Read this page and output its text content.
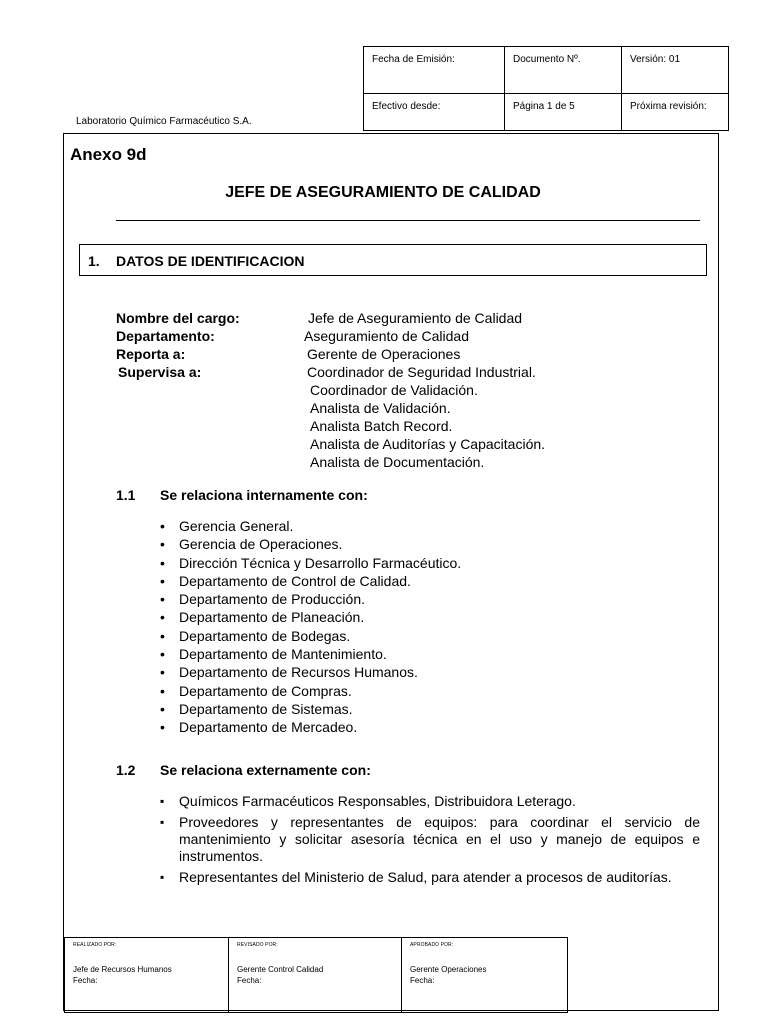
Laboratorio Químico Farmacéutico S.A.
Fecha de Emisión:	Documento Nº.	Versión: 01
Efectivo desde:	Página 1 de 5	Próxima revisión:
Anexo 9d
JEFE DE ASEGURAMIENTO DE CALIDAD
1. DATOS DE IDENTIFICACION
Nombre del cargo:	Jefe de Aseguramiento de Calidad
Departamento:	Aseguramiento de Calidad
Reporta a:	Gerente de Operaciones
Supervisa a:	Coordinador de Seguridad Industrial.
Coordinador de Validación.
Analista de Validación.
Analista Batch Record.
Analista de Auditorías y Capacitación.
Analista de Documentación.
1.1 Se relaciona internamente con:
• Gerencia General.
• Gerencia de Operaciones.
• Dirección Técnica y Desarrollo Farmacéutico.
• Departamento de Control de Calidad.
• Departamento de Producción.
• Departamento de Planeación.
• Departamento de Bodegas.
• Departamento de Mantenimiento.
• Departamento de Recursos Humanos.
• Departamento de Compras.
• Departamento de Sistemas.
• Departamento de Mercadeo.
1.2 Se relaciona externamente con:
▪ Químicos Farmacéuticos Responsables, Distribuidora Leterago.
▪ Proveedores y representantes de equipos: para coordinar el servicio de mantenimiento y solicitar asesoría técnica en el uso y manejo de equipos e instrumentos.
▪ Representantes del Ministerio de Salud, para atender a procesos de auditorías.
REALIZADO POR:
Jefe de Recursos Humanos
Fecha:

REVISADO POR:
Gerente Control Calidad
Fecha:

APROBADO POR:
Gerente Operaciones
Fecha:
